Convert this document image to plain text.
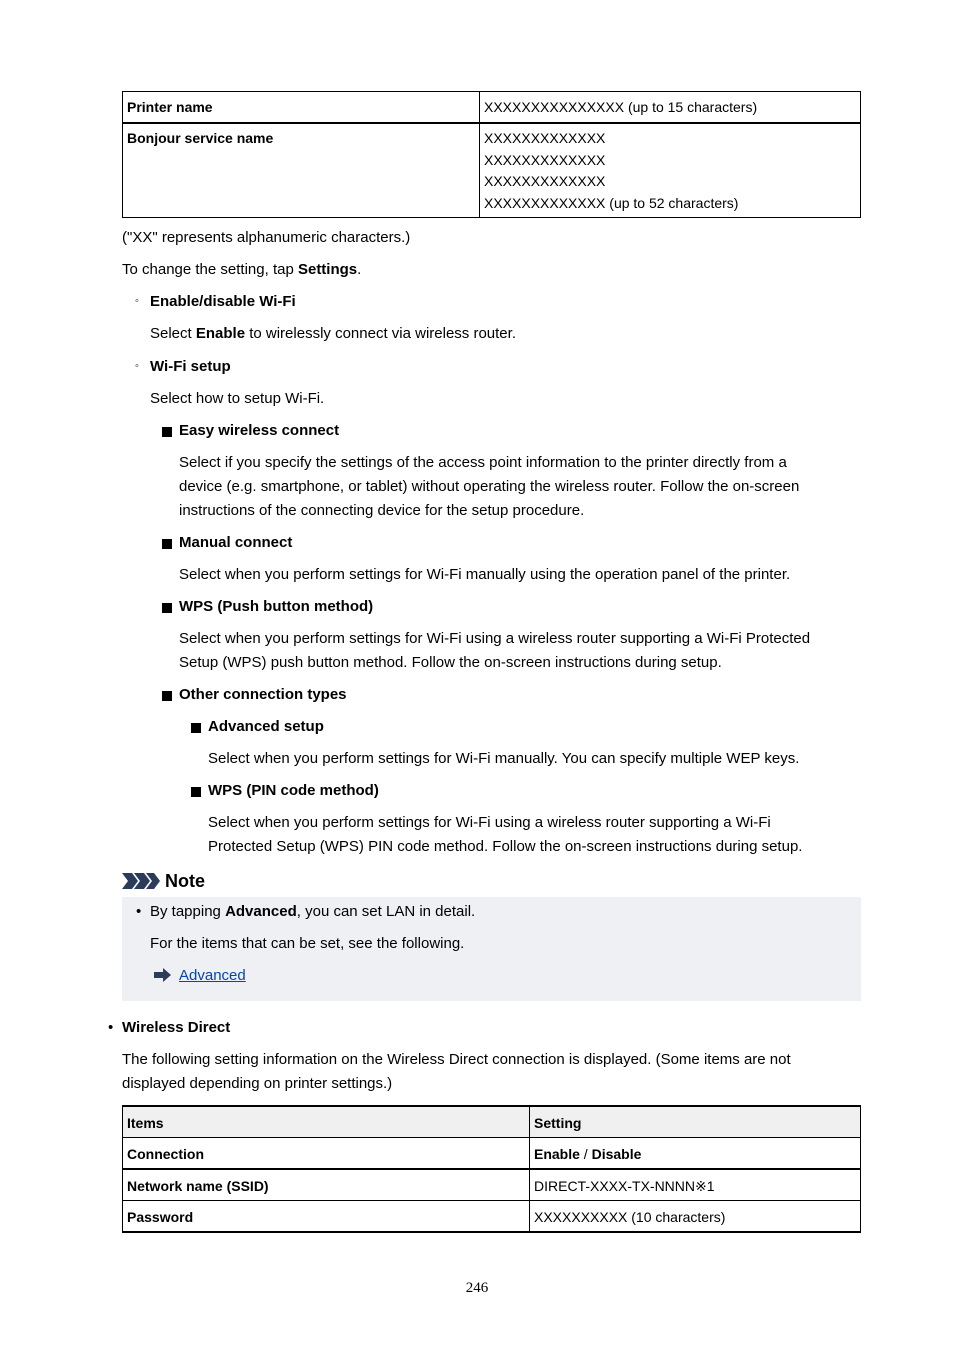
Printer name	XXXXXXXXXXXXXXX (up to 15 characters)
Bonjour service name	XXXXXXXXXXXXX
XXXXXXXXXXXXX
XXXXXXXXXXXXX
XXXXXXXXXXXXX (up to 52 characters)
("XX" represents alphanumeric characters.)
To change the setting, tap Settings.
◦ Enable/disable Wi-Fi
Select Enable to wirelessly connect via wireless router.
◦ Wi-Fi setup
Select how to setup Wi-Fi.
Easy wireless connect
Select if you specify the settings of the access point information to the printer directly from a
device (e.g. smartphone, or tablet) without operating the wireless router. Follow the on-screen
instructions of the connecting device for the setup procedure.
Manual connect
Select when you perform settings for Wi-Fi manually using the operation panel of the printer.
WPS (Push button method)
Select when you perform settings for Wi-Fi using a wireless router supporting a Wi-Fi Protected
Setup (WPS) push button method. Follow the on-screen instructions during setup.
Other connection types
Advanced setup
Select when you perform settings for Wi-Fi manually. You can specify multiple WEP keys.
WPS (PIN code method)
Select when you perform settings for Wi-Fi using a wireless router supporting a Wi-Fi
Protected Setup (WPS) PIN code method. Follow the on-screen instructions during setup.
Note
• By tapping Advanced, you can set LAN in detail.
For the items that can be set, see the following.
Advanced
• Wireless Direct
The following setting information on the Wireless Direct connection is displayed. (Some items are not
displayed depending on printer settings.)
Items	Setting
Connection	Enable / Disable
Network name (SSID)	DIRECT-XXXX-TX-NNNN※1
Password	XXXXXXXXXX (10 characters)
246
